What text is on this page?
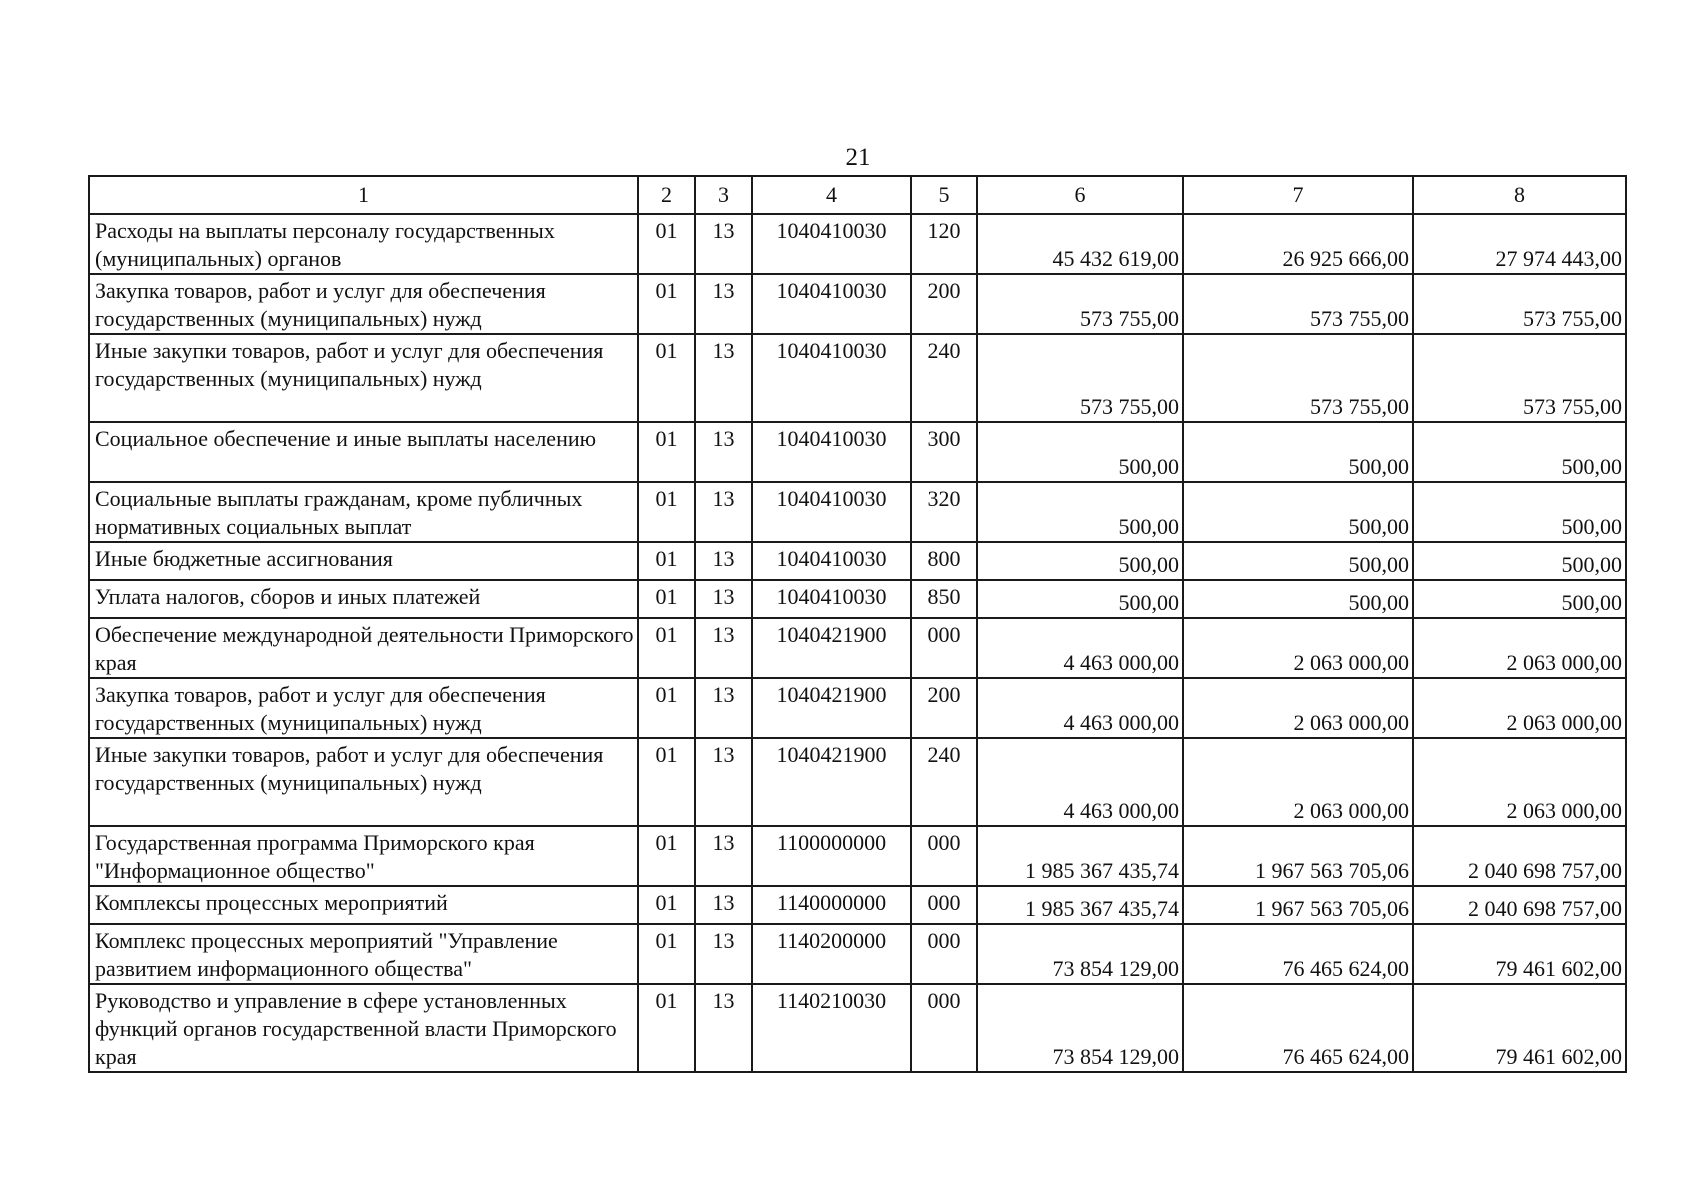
21
1	2	3	4	5	6	7	8
Расходы на выплаты персоналу государственных (муниципальных) органов	01	13	1040410030	120	45 432 619,00	26 925 666,00	27 974 443,00
Закупка товаров, работ и услуг для обеспечения государственных (муниципальных) нужд	01	13	1040410030	200	573 755,00	573 755,00	573 755,00
Иные закупки товаров, работ и услуг для обеспечения государственных (муниципальных) нужд	01	13	1040410030	240	573 755,00	573 755,00	573 755,00
Социальное обеспечение и иные выплаты населению	01	13	1040410030	300	500,00	500,00	500,00
Социальные выплаты гражданам, кроме публичных нормативных социальных выплат	01	13	1040410030	320	500,00	500,00	500,00
Иные бюджетные ассигнования	01	13	1040410030	800	500,00	500,00	500,00
Уплата налогов, сборов и иных платежей	01	13	1040410030	850	500,00	500,00	500,00
Обеспечение международной деятельности Приморского края	01	13	1040421900	000	4 463 000,00	2 063 000,00	2 063 000,00
Закупка товаров, работ и услуг для обеспечения государственных (муниципальных) нужд	01	13	1040421900	200	4 463 000,00	2 063 000,00	2 063 000,00
Иные закупки товаров, работ и услуг для обеспечения государственных (муниципальных) нужд	01	13	1040421900	240	4 463 000,00	2 063 000,00	2 063 000,00
Государственная программа Приморского края "Информационное общество"	01	13	1100000000	000	1 985 367 435,74	1 967 563 705,06	2 040 698 757,00
Комплексы процессных мероприятий	01	13	1140000000	000	1 985 367 435,74	1 967 563 705,06	2 040 698 757,00
Комплекс процессных мероприятий "Управление развитием информационного общества"	01	13	1140200000	000	73 854 129,00	76 465 624,00	79 461 602,00
Руководство и управление в сфере установленных функций органов государственной власти Приморского края	01	13	1140210030	000	73 854 129,00	76 465 624,00	79 461 602,00
